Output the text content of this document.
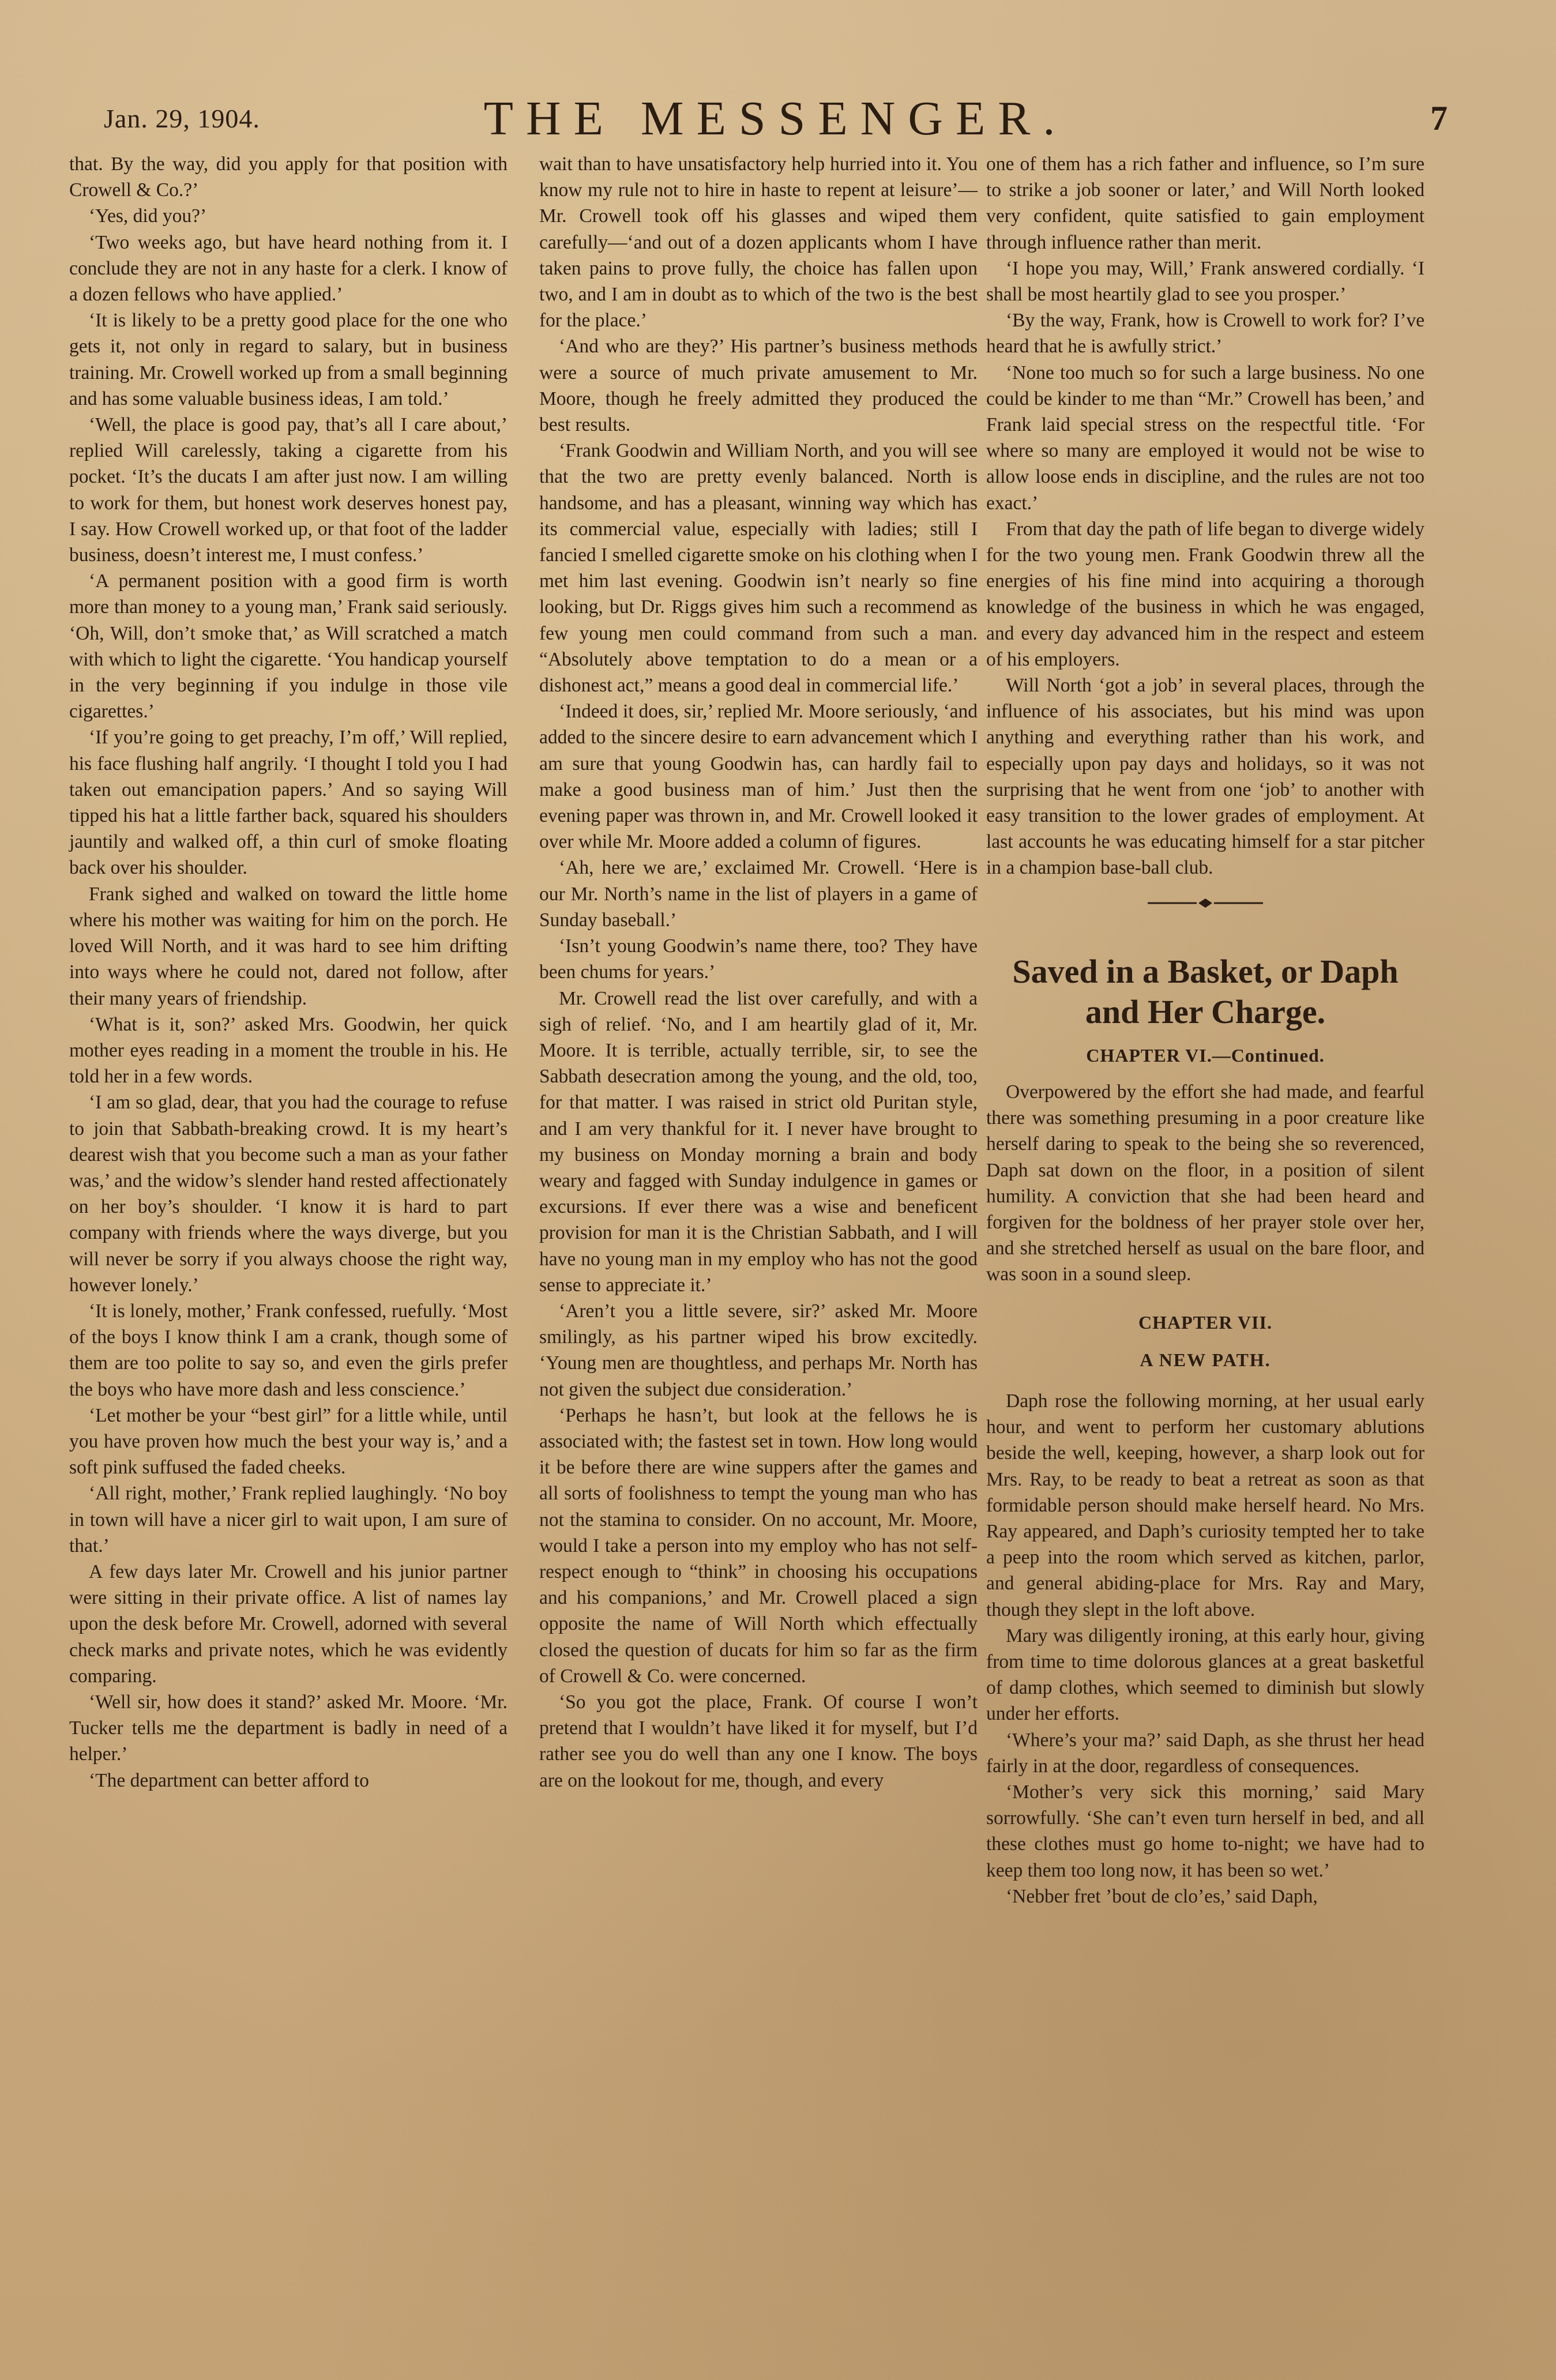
Jan. 29, 1904.	THE MESSENGER.	7

that. By the way, did you apply for that position with Crowell & Co.?’

‘Yes, did you?’

‘Two weeks ago, but have heard nothing from it. I conclude they are not in any haste for a clerk. I know of a dozen fellows who have applied.’

‘It is likely to be a pretty good place for the one who gets it, not only in regard to salary, but in business training. Mr. Crowell worked up from a small beginning and has some valuable business ideas, I am told.’

‘Well, the place is good pay, that’s all I care about,’ replied Will carelessly, taking a cigarette from his pocket. ‘It’s the ducats I am after just now. I am willing to work for them, but honest work deserves honest pay, I say. How Crowell worked up, or that foot of the ladder business, doesn’t interest me, I must confess.’

‘A permanent position with a good firm is worth more than money to a young man,’ Frank said seriously. ‘Oh, Will, don’t smoke that,’ as Will scratched a match with which to light the cigarette. ‘You handicap yourself in the very beginning if you indulge in those vile cigarettes.’

‘If you’re going to get preachy, I’m off,’ Will replied, his face flushing half angrily. ‘I thought I told you I had taken out emancipation papers.’ And so saying Will tipped his hat a little farther back, squared his shoulders jauntily and walked off, a thin curl of smoke floating back over his shoulder.

Frank sighed and walked on toward the little home where his mother was waiting for him on the porch. He loved Will North, and it was hard to see him drifting into ways where he could not, dared not follow, after their many years of friendship.

‘What is it, son?’ asked Mrs. Goodwin, her quick mother eyes reading in a moment the trouble in his. He told her in a few words.

‘I am so glad, dear, that you had the courage to refuse to join that Sabbath-breaking crowd. It is my heart’s dearest wish that you become such a man as your father was,’ and the widow’s slender hand rested affectionately on her boy’s shoulder. ‘I know it is hard to part company with friends where the ways diverge, but you will never be sorry if you always choose the right way, however lonely.’

‘It is lonely, mother,’ Frank confessed, ruefully. ‘Most of the boys I know think I am a crank, though some of them are too polite to say so, and even the girls prefer the boys who have more dash and less conscience.’

‘Let mother be your “best girl” for a little while, until you have proven how much the best your way is,’ and a soft pink suffused the faded cheeks.

‘All right, mother,’ Frank replied laughingly. ‘No boy in town will have a nicer girl to wait upon, I am sure of that.’

A few days later Mr. Crowell and his junior partner were sitting in their private office. A list of names lay upon the desk before Mr. Crowell, adorned with several check marks and private notes, which he was evidently comparing.

‘Well sir, how does it stand?’ asked Mr. Moore. ‘Mr. Tucker tells me the department is badly in need of a helper.’

‘The department can better afford to

wait than to have unsatisfactory help hurried into it. You know my rule not to hire in haste to repent at leisure’—Mr. Crowell took off his glasses and wiped them carefully—‘and out of a dozen applicants whom I have taken pains to prove fully, the choice has fallen upon two, and I am in doubt as to which of the two is the best for the place.’

‘And who are they?’ His partner’s business methods were a source of much private amusement to Mr. Moore, though he freely admitted they produced the best results.

‘Frank Goodwin and William North, and you will see that the two are pretty evenly balanced. North is handsome, and has a pleasant, winning way which has its commercial value, especially with ladies; still I fancied I smelled cigarette smoke on his clothing when I met him last evening. Goodwin isn’t nearly so fine looking, but Dr. Riggs gives him such a recommend as few young men could command from such a man. “Absolutely above temptation to do a mean or a dishonest act,” means a good deal in commercial life.’

‘Indeed it does, sir,’ replied Mr. Moore seriously, ‘and added to the sincere desire to earn advancement which I am sure that young Goodwin has, can hardly fail to make a good business man of him.’ Just then the evening paper was thrown in, and Mr. Crowell looked it over while Mr. Moore added a column of figures.

‘Ah, here we are,’ exclaimed Mr. Crowell. ‘Here is our Mr. North’s name in the list of players in a game of Sunday baseball.’

‘Isn’t young Goodwin’s name there, too? They have been chums for years.’

Mr. Crowell read the list over carefully, and with a sigh of relief. ‘No, and I am heartily glad of it, Mr. Moore. It is terrible, actually terrible, sir, to see the Sabbath desecration among the young, and the old, too, for that matter. I was raised in strict old Puritan style, and I am very thankful for it. I never have brought to my business on Monday morning a brain and body weary and fagged with Sunday indulgence in games or excursions. If ever there was a wise and beneficent provision for man it is the Christian Sabbath, and I will have no young man in my employ who has not the good sense to appreciate it.’

‘Aren’t you a little severe, sir?’ asked Mr. Moore smilingly, as his partner wiped his brow excitedly. ‘Young men are thoughtless, and perhaps Mr. North has not given the subject due consideration.’

‘Perhaps he hasn’t, but look at the fellows he is associated with; the fastest set in town. How long would it be before there are wine suppers after the games and all sorts of foolishness to tempt the young man who has not the stamina to consider. On no account, Mr. Moore, would I take a person into my employ who has not self-respect enough to “think” in choosing his occupations and his companions,’ and Mr. Crowell placed a sign opposite the name of Will North which effectually closed the question of ducats for him so far as the firm of Crowell & Co. were concerned.

‘So you got the place, Frank. Of course I won’t pretend that I wouldn’t have liked it for myself, but I’d rather see you do well than any one I know. The boys are on the lookout for me, though, and every

one of them has a rich father and influence, so I’m sure to strike a job sooner or later,’ and Will North looked very confident, quite satisfied to gain employment through influence rather than merit.

‘I hope you may, Will,’ Frank answered cordially. ‘I shall be most heartily glad to see you prosper.’

‘By the way, Frank, how is Crowell to work for? I’ve heard that he is awfully strict.’

‘None too much so for such a large business. No one could be kinder to me than “Mr.” Crowell has been,’ and Frank laid special stress on the respectful title. ‘For where so many are employed it would not be wise to allow loose ends in discipline, and the rules are not too exact.’

From that day the path of life began to diverge widely for the two young men. Frank Goodwin threw all the energies of his fine mind into acquiring a thorough knowledge of the business in which he was engaged, and every day advanced him in the respect and esteem of his employers.

Will North ‘got a job’ in several places, through the influence of his associates, but his mind was upon anything and everything rather than his work, and especially upon pay days and holidays, so it was not surprising that he went from one ‘job’ to another with easy transition to the lower grades of employment. At last accounts he was educating himself for a star pitcher in a champion base-ball club.

Saved in a Basket, or Daph
and Her Charge.
CHAPTER VI.—Continued.

Overpowered by the effort she had made, and fearful there was something presuming in a poor creature like herself daring to speak to the being she so reverenced, Daph sat down on the floor, in a position of silent humility. A conviction that she had been heard and forgiven for the boldness of her prayer stole over her, and she stretched herself as usual on the bare floor, and was soon in a sound sleep.

CHAPTER VII.
A NEW PATH.

Daph rose the following morning, at her usual early hour, and went to perform her customary ablutions beside the well, keeping, however, a sharp look out for Mrs. Ray, to be ready to beat a retreat as soon as that formidable person should make herself heard. No Mrs. Ray appeared, and Daph’s curiosity tempted her to take a peep into the room which served as kitchen, parlor, and general abiding-place for Mrs. Ray and Mary, though they slept in the loft above.

Mary was diligently ironing, at this early hour, giving from time to time dolorous glances at a great basketful of damp clothes, which seemed to diminish but slowly under her efforts.

‘Where’s your ma?’ said Daph, as she thrust her head fairly in at the door, regardless of consequences.

‘Mother’s very sick this morning,’ said Mary sorrowfully. ‘She can’t even turn herself in bed, and all these clothes must go home to-night; we have had to keep them too long now, it has been so wet.’

‘Nebber fret ’bout de clo’es,’ said Daph,
